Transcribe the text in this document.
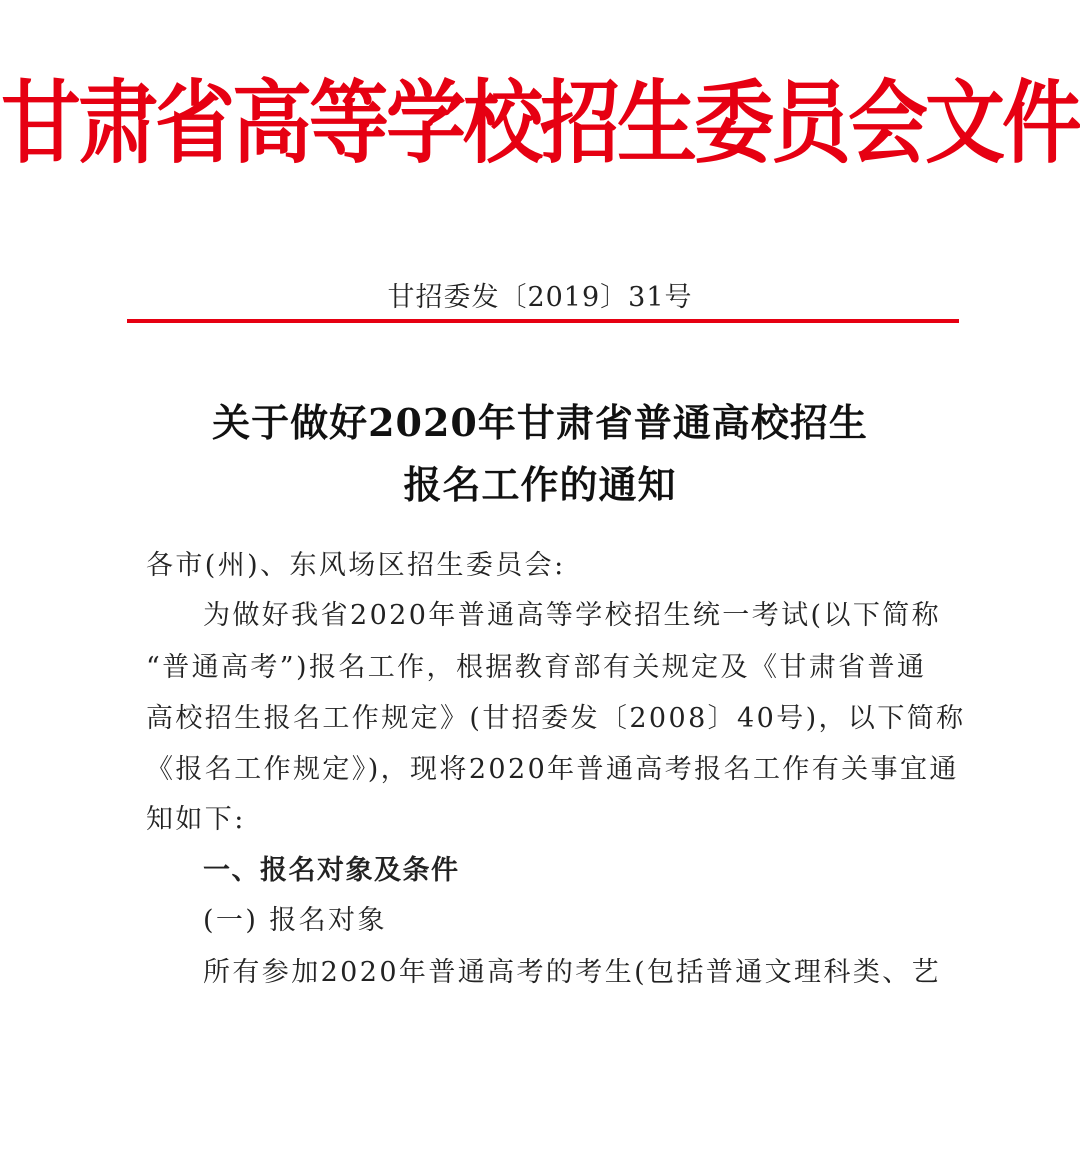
甘肃省高等学校招生委员会文件
甘招委发〔2019〕31号
关于做好2020年甘肃省普通高校招生
报名工作的通知
各市(州)、东风场区招生委员会:
为做好我省2020年普通高等学校招生统一考试(以下简称
“普通高考”)报名工作，根据教育部有关规定及《甘肃省普通
高校招生报名工作规定》(甘招委发〔2008〕40号)，以下简称
《报名工作规定》)，现将2020年普通高考报名工作有关事宜通
知如下:
一、报名对象及条件
(一) 报名对象
所有参加2020年普通高考的考生(包括普通文理科类、艺
